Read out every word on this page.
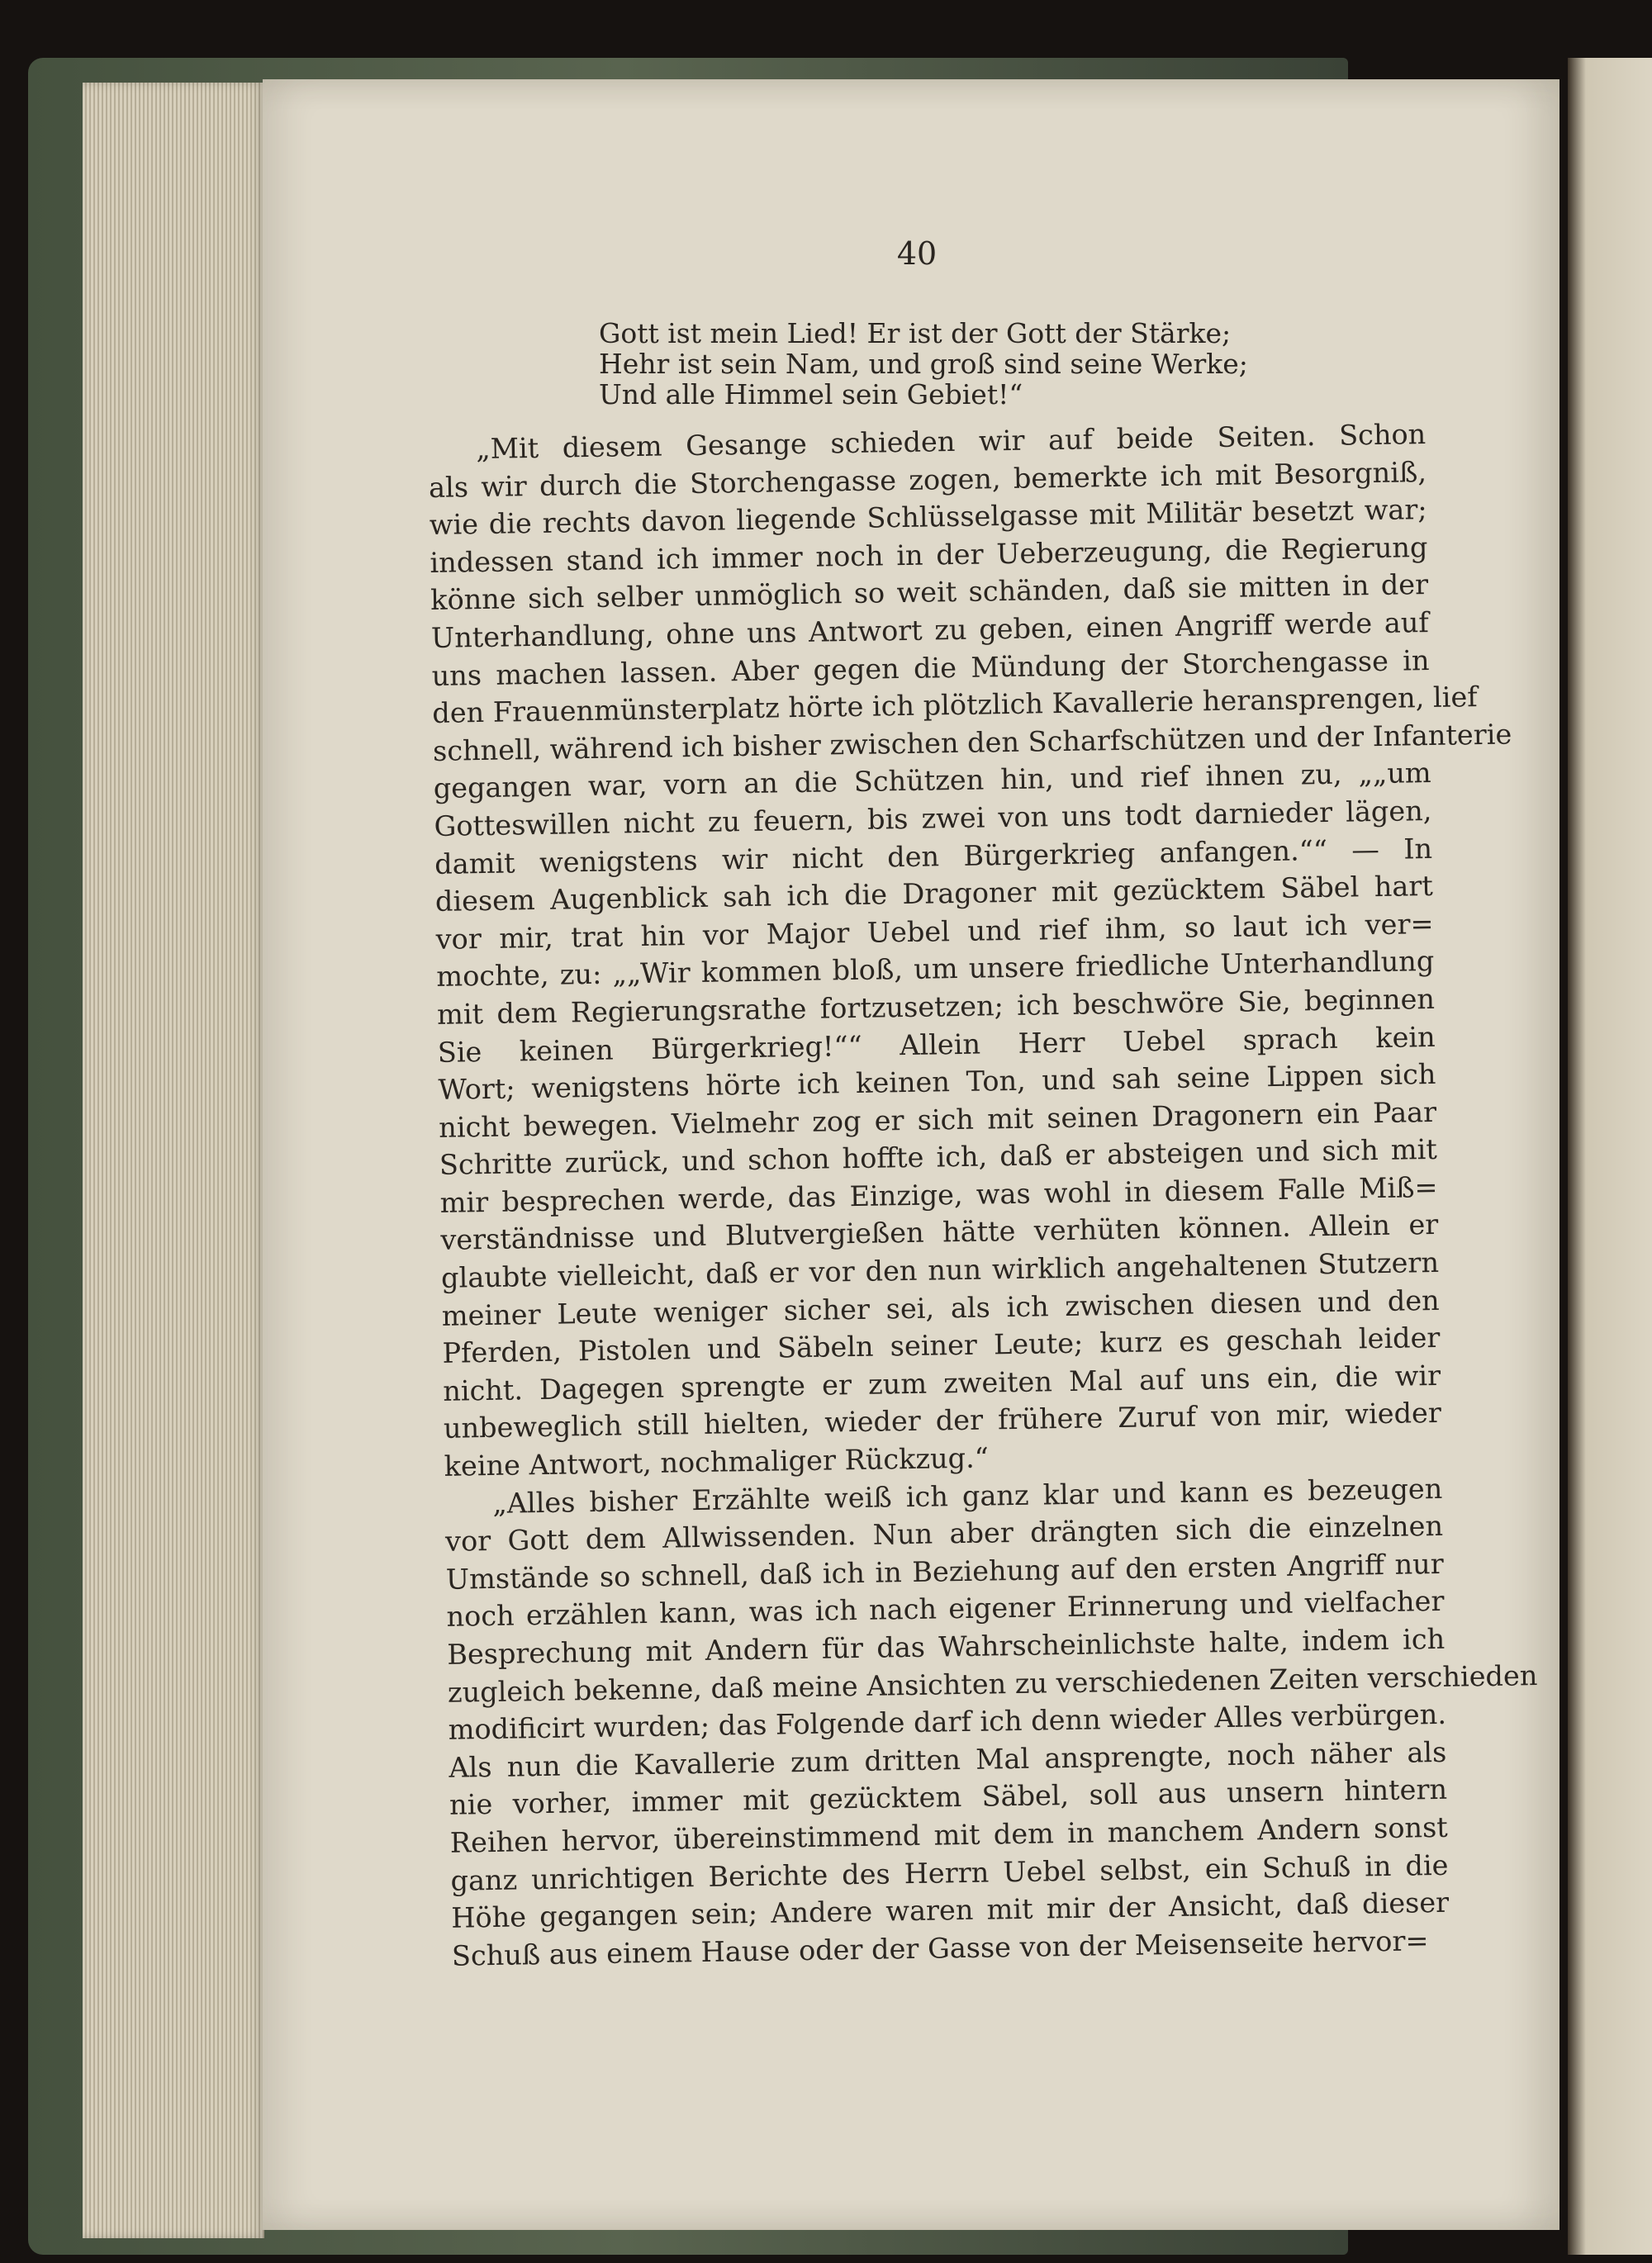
40
Gott ist mein Lied! Er ist der Gott der Stärke;
Hehr ist sein Nam, und groß sind seine Werke;
Und alle Himmel sein Gebiet!“
„Mit diesem Gesange schieden wir auf beide Seiten. Schon
als wir durch die Storchengasse zogen, bemerkte ich mit Besorgniß,
wie die rechts davon liegende Schlüsselgasse mit Militär besetzt war;
indessen stand ich immer noch in der Ueberzeugung, die Regierung
könne sich selber unmöglich so weit schänden, daß sie mitten in der
Unterhandlung, ohne uns Antwort zu geben, einen Angriff werde auf
uns machen lassen. Aber gegen die Mündung der Storchengasse in
den Frauenmünsterplatz hörte ich plötzlich Kavallerie heransprengen, lief
schnell, während ich bisher zwischen den Scharfschützen und der Infanterie
gegangen war, vorn an die Schützen hin, und rief ihnen zu, „„um
Gotteswillen nicht zu feuern, bis zwei von uns todt darnieder lägen,
damit wenigstens wir nicht den Bürgerkrieg anfangen.““ — In
diesem Augenblick sah ich die Dragoner mit gezücktem Säbel hart
vor mir, trat hin vor Major Uebel und rief ihm, so laut ich ver=
mochte, zu: „„Wir kommen bloß, um unsere friedliche Unterhandlung
mit dem Regierungsrathe fortzusetzen; ich beschwöre Sie, beginnen
Sie keinen Bürgerkrieg!““ Allein Herr Uebel sprach kein
Wort; wenigstens hörte ich keinen Ton, und sah seine Lippen sich
nicht bewegen. Vielmehr zog er sich mit seinen Dragonern ein Paar
Schritte zurück, und schon hoffte ich, daß er absteigen und sich mit
mir besprechen werde, das Einzige, was wohl in diesem Falle Miß=
verständnisse und Blutvergießen hätte verhüten können. Allein er
glaubte vielleicht, daß er vor den nun wirklich angehaltenen Stutzern
meiner Leute weniger sicher sei, als ich zwischen diesen und den
Pferden, Pistolen und Säbeln seiner Leute; kurz es geschah leider
nicht. Dagegen sprengte er zum zweiten Mal auf uns ein, die wir
unbeweglich still hielten, wieder der frühere Zuruf von mir, wieder
keine Antwort, nochmaliger Rückzug.“
„Alles bisher Erzählte weiß ich ganz klar und kann es bezeugen
vor Gott dem Allwissenden. Nun aber drängten sich die einzelnen
Umstände so schnell, daß ich in Beziehung auf den ersten Angriff nur
noch erzählen kann, was ich nach eigener Erinnerung und vielfacher
Besprechung mit Andern für das Wahrscheinlichste halte, indem ich
zugleich bekenne, daß meine Ansichten zu verschiedenen Zeiten verschieden
modificirt wurden; das Folgende darf ich denn wieder Alles verbürgen.
Als nun die Kavallerie zum dritten Mal ansprengte, noch näher als
nie vorher, immer mit gezücktem Säbel, soll aus unsern hintern
Reihen hervor, übereinstimmend mit dem in manchem Andern sonst
ganz unrichtigen Berichte des Herrn Uebel selbst, ein Schuß in die
Höhe gegangen sein; Andere waren mit mir der Ansicht, daß dieser
Schuß aus einem Hause oder der Gasse von der Meisenseite hervor=
